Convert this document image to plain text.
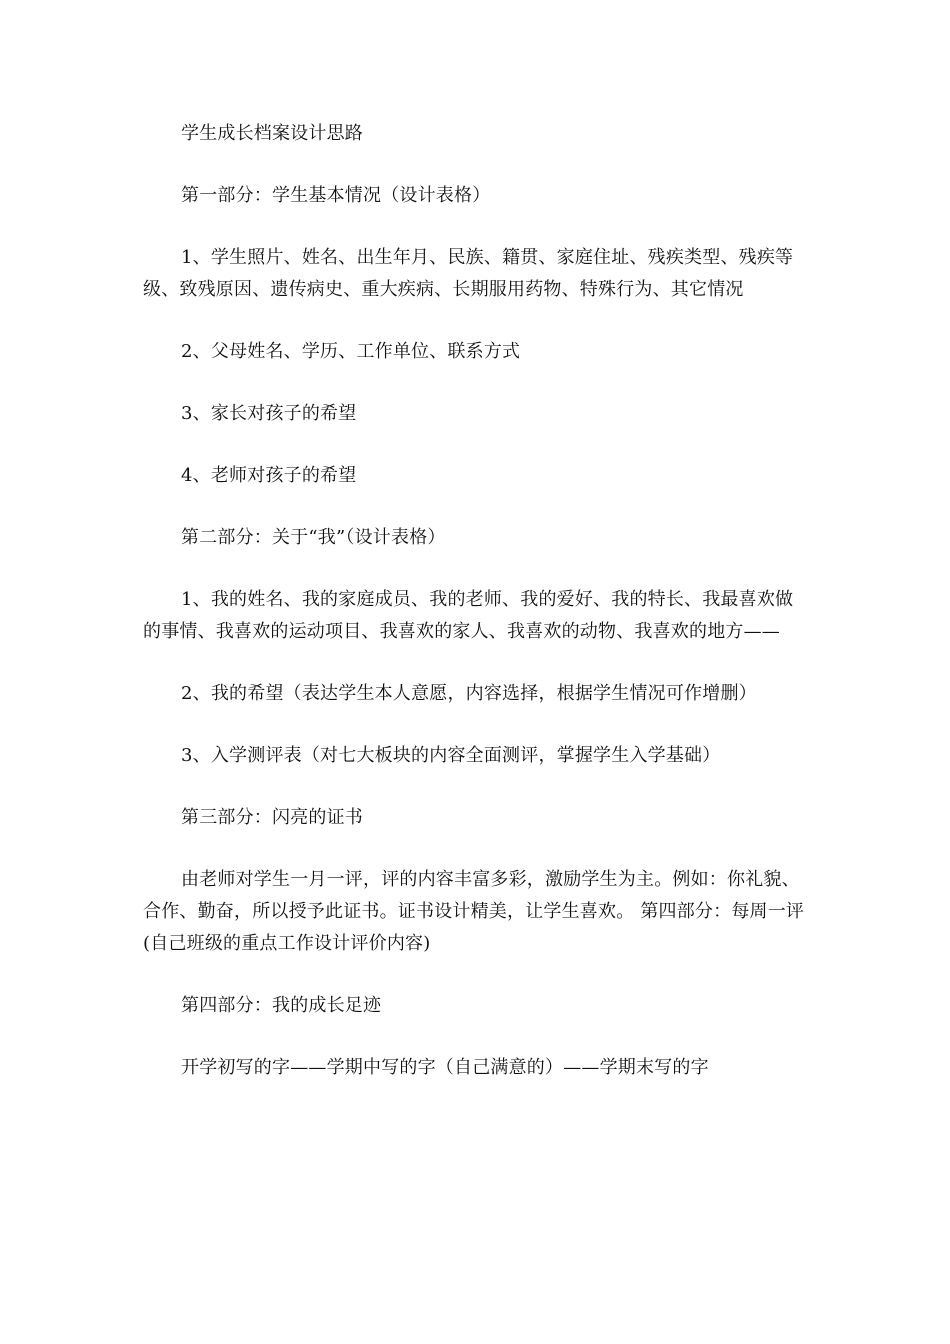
学生成长档案设计思路

第一部分：学生基本情况（设计表格）

1、学生照片、姓名、出生年月、民族、籍贯、家庭住址、残疾类型、残疾等级、致残原因、遗传病史、重大疾病、长期服用药物、特殊行为、其它情况

2、父母姓名、学历、工作单位、联系方式

3、家长对孩子的希望

4、老师对孩子的希望

第二部分：关于“我”（设计表格）

1、我的姓名、我的家庭成员、我的老师、我的爱好、我的特长、我最喜欢做的事情、我喜欢的运动项目、我喜欢的家人、我喜欢的动物、我喜欢的地方——

2、我的希望（表达学生本人意愿，内容选择，根据学生情况可作增删）

3、入学测评表（对七大板块的内容全面测评，掌握学生入学基础）

第三部分：闪亮的证书

由老师对学生一月一评，评的内容丰富多彩，激励学生为主。例如：你礼貌、合作、勤奋，所以授予此证书。证书设计精美，让学生喜欢。 第四部分：每周一评(自己班级的重点工作设计评价内容)

第四部分：我的成长足迹

开学初写的字——学期中写的字（自己满意的）——学期末写的字
